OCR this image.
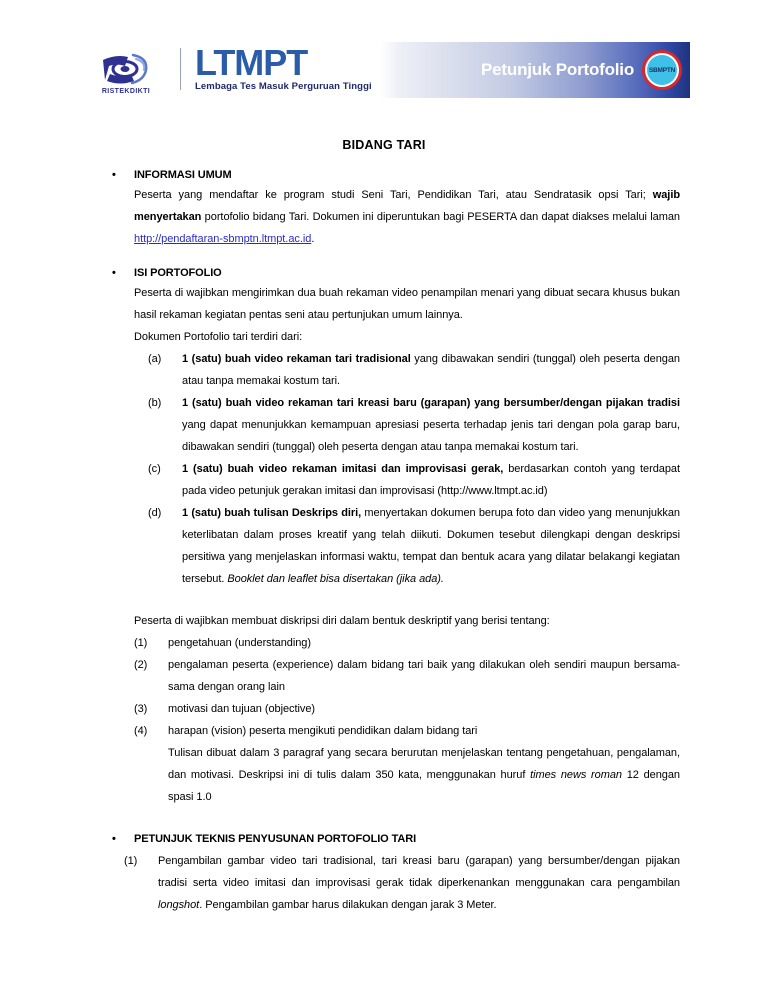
RISTEKDIKTI
LTMPT
Lembaga Tes Masuk Perguruan Tinggi
Petunjuk Portofolio SBMPTN
BIDANG TARI
• INFORMASI UMUM

Peserta yang mendaftar ke program studi Seni Tari, Pendidikan Tari, atau Sendratasik opsi Tari; wajib menyertakan portofolio bidang Tari. Dokumen ini diperuntukan bagi PESERTA dan dapat diakses melalui laman http://pendaftaran-sbmptn.ltmpt.ac.id.

• ISI PORTOFOLIO

Peserta di wajibkan mengirimkan dua buah rekaman video penampilan menari yang dibuat secara khusus bukan hasil rekaman kegiatan pentas seni atau pertunjukan umum lainnya.

Dokumen Portofolio tari terdiri dari:

(a)	1 (satu) buah video rekaman tari tradisional yang dibawakan sendiri (tunggal) oleh peserta dengan atau tanpa memakai kostum tari.
(b)	1 (satu) buah video rekaman tari kreasi baru (garapan) yang bersumber/dengan pijakan tradisi yang dapat menunjukkan kemampuan apresiasi peserta terhadap jenis tari dengan pola garap baru, dibawakan sendiri (tunggal) oleh peserta dengan atau tanpa memakai kostum tari.
(c)	1 (satu) buah video rekaman imitasi dan improvisasi gerak, berdasarkan contoh yang terdapat pada video petunjuk gerakan imitasi dan improvisasi (http://www.ltmpt.ac.id)
(d)	1 (satu) buah tulisan Deskrips diri, menyertakan dokumen berupa foto dan video yang menunjukkan keterlibatan dalam proses kreatif yang telah diikuti. Dokumen tesebut dilengkapi dengan deskripsi persitiwa yang menjelaskan informasi waktu, tempat dan bentuk acara yang dilatar belakangi kegiatan tersebut. Booklet dan leaflet bisa disertakan (jika ada).

Peserta di wajibkan membuat diskripsi diri dalam bentuk deskriptif yang berisi tentang:

(1)	pengetahuan (understanding)
(2)	pengalaman peserta (experience) dalam bidang tari baik yang dilakukan oleh sendiri maupun bersama-sama dengan orang lain
(3)	motivasi dan tujuan (objective)
(4)	harapan (vision) peserta mengikuti pendidikan dalam bidang tari

Tulisan dibuat dalam 3 paragraf yang secara berurutan menjelaskan tentang pengetahuan, pengalaman, dan motivasi. Deskripsi ini di tulis dalam 350 kata, menggunakan huruf times news roman 12 dengan spasi 1.0

• PETUNJUK TEKNIS PENYUSUNAN PORTOFOLIO TARI
(1)	Pengambilan gambar video tari tradisional, tari kreasi baru (garapan) yang bersumber/dengan pijakan tradisi serta video imitasi dan improvisasi gerak tidak diperkenankan menggunakan cara pengambilan longshot. Pengambilan gambar harus dilakukan dengan jarak 3 Meter.
